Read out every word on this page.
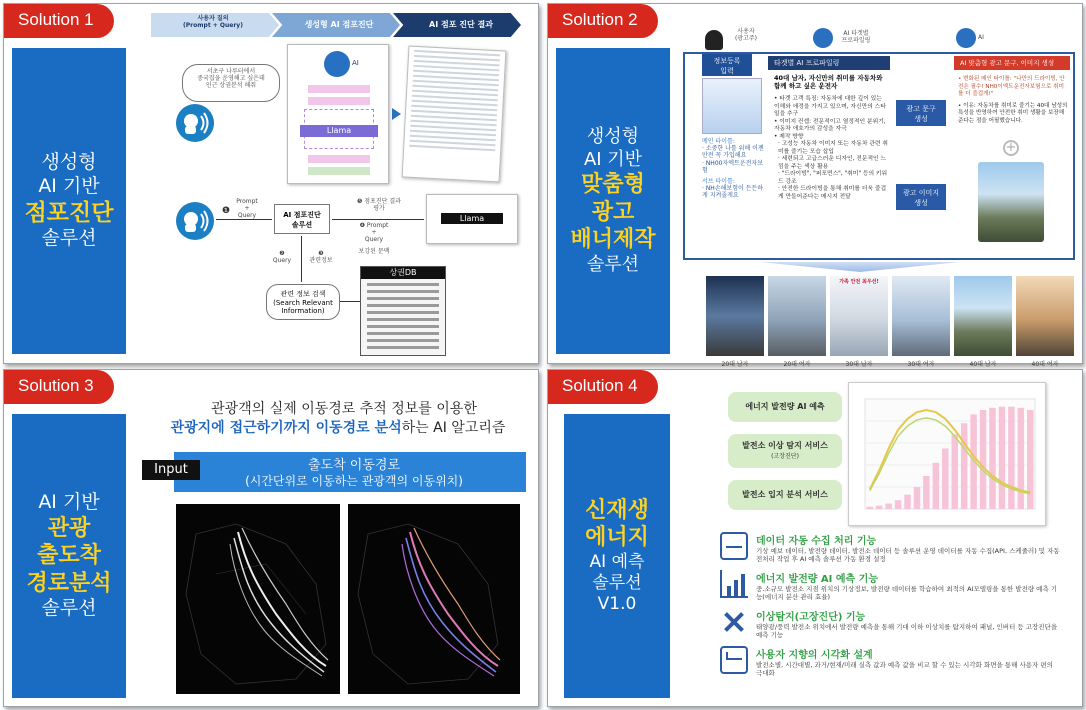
Solution 1
생성형
AI 기반
점포진단
솔루션
사용자 질의
(Prompt + Query)	생성형 AI 점포진단	AI 점포 진단 결과
서초구 나루터에서
중국집을 운영해고 싶은데
인근 상권분석 해줘
AI
Llama
❶
Prompt
+
Query	AI 점포진단
솔루션
❺ 점포진단 결과
평가
❹ Prompt
+
Query
보강된 문맥
Llama
❷
Query
❸
관련정보
관련 정보 검색
(Search Relevant
Information)
상권DB
Solution 2
생성형
AI 기반
맞춤형
광고
배너제작
솔루션
사용자
(광고주)
AI 타겟별
프로파일링	AI
정보등록
입력
메인 타이틀:
· 소중한 나를 위해 이젠안전 꼭 가입해요
· NH00자엑트운전자보험
서브 타이틀:
· NH손해보험이 든든하게 지켜줄게요
타겟별 AI 프로파일링
40대 남자, 자신만의 취미를 자동차와 함께 하고 싶은 운전자
• 타겟 고객 특징: 자동차에 대한 깊이 있는 이해와 애정을 가지고 있으며, 자신만의 스타일을 추구
• 이미지 컨셉: 전문적이고 열정적인 분위기, 자동차 애호가의 감성을 자극
• 제작 방향
· 고성능 자동차 이미지 또는 자동차 관련 취미를 즐기는 모습 삽입
· 세련되고 고급스러운 디자인, 전문적인 느낌을 주는 색상 활용
· "드라이빙", "퍼포먼스", "취미" 등의 키워드 강조
· 안전한 드라이빙을 통해 취미를 더욱 즐겁게 만들어준다는 메시지 전달
광고 문구
생성
광고 이미지
생성
AI 맞춤형 광고 문구, 이미지 생성
• 변화된 메인 타이틀: "나만의 드라이빙, 안전은 필수! NH0이엑트운전자보험으로 취미를 더 즐겁게!"
• 이유: 자동차를 취미로 즐기는 40대 남성의 특성을 반영하여 안전한 취미 생활을 보장해 준다는 점을 어필했습니다.
+
20대 남자	20대 여자
가족 안전 최우선!
30대 남자	30대 여자	40대 남자	40대 여자
Solution 3
AI 기반
관광
출도착
경로분석
솔루션
관광객의 실제 이동경로 추적 정보를 이용한
관광지에 접근하기까지 이동경로 분석하는 AI 알고리즘
Input	출도착 이동경로
(시간단위로 이동하는 관광객의 이동위치)
Solution 4
신재생
에너지
AI 예측
솔루션
V1.0
에너지 발전량 AI 예측
발전소 이상 탐지 서비스
(고장진단)
발전소 입지 분석 서비스
데이터 자동 수집 처리 기능
기상 예보 데이터, 발전량 데이터, 발전소 데이터 등 솔루션 운영 데이터를 자동 수집(API, 스케줄러) 및 자동 전처리 작업 후 AI 예측 솔루션 가동 환경 설정
에너지 발전량 AI 예측 기능
중.소규모 발전소 지점 위치의 기상정보, 발전량 데이터를 학습하여 최적의 AI모델링을 통한 발전량 예측 기능(에너지 분산 관리 효율)
이상탐지(고장진단) 기능
태양광/풍력 발전소 위치에서 발전량 예측을 통해 기대 이하 이상치를 탐지하여 패널, 인버터 등 고장진단을 예측 기능
사용자 지향의 시각화 설계
발전소별, 시간대별, 과거/현재/미래 실측 값과 예측 값을 비교 할 수 있는 시각화 화면을 통해 사용자 편의 극대화
